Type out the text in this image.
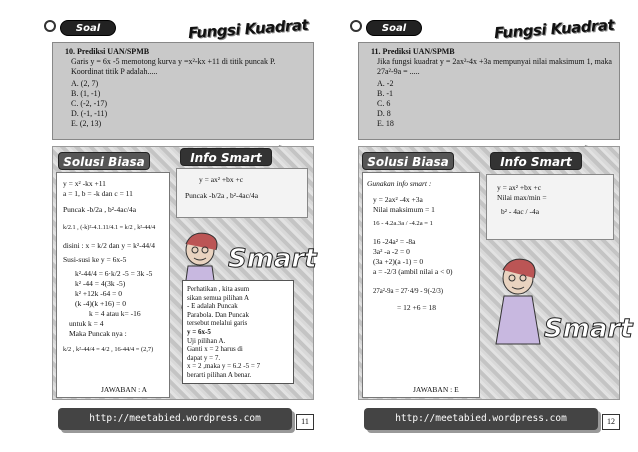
Soal	Fungsi Kuadrat
10. Prediksi UAN/SPMB
Garis y = 6x -5 memotong kurva y =x²-kx +11 di titik puncak P. Koordinat titik P adalah.....
A. (2, 7)
B. (1, -1)
C. (-2, -17)
D. (-1, -11)
E. (2, 13)
Solusi Biasa	Info Smart
y = x² -kx +11
a = 1, b = -k dan c = 11
Puncak -b/2a , b²-4ac/4a
k/2.1 , (-k)²-4.1.11/4.1 = k/2 , k²-44/4
disini : x = k/2 dan y = k²-44/4
Susi-susi ke y = 6x-5
k²-44/4 = 6·k/2 -5 = 3k -5
k² -44 = 4(3k -5)
k² +12k -64 = 0
(k -4)(k +16) = 0
k = 4 atau k= -16
untuk k = 4
Maka Puncak nya :
k/2 , k²-44/4 = 4/2 , 16-44/4 = (2,7)
JAWABAN : A
y = ax² +bx +c
Puncak -b/2a , b²-4ac/4a
Smart
Perhatikan , kita asum
sikan semua pilihan A
- E adalah Puncak
Parabola. Dan Puncak
tersebut melalui garis
y = 6x-5
Uji pilihan A.
Ganti x = 2 harus di
dapat y = 7.
x = 2 ,maka y = 6.2 -5 = 7
berarti pilihan A benar.
http://meetabied.wordpress.com	11
Soal	Fungsi Kuadrat
11. Prediksi UAN/SPMB
Jika fungsi kuadrat y = 2ax²-4x +3a mempunyai nilai maksimum 1, maka 27a²-9a = .....
A. -2
B. -1
C. 6
D. 8
E. 18
Solusi Biasa	Info Smart
Gunakan info smart :
y = 2ax² -4x +3a
Nilai maksimum = 1
16 - 4.2a.3a / -4.2a = 1
16 -24a² = -8a
3a² -a -2 = 0
(3a +2)(a -1) = 0
a = -2/3 (ambil nilai a < 0)
27a²-9a = 27·4/9 - 9(-2/3)
= 12 +6 = 18
JAWABAN : E
y = ax² +bx +c
Nilai max/min =
b² - 4ac / -4a
Smart
http://meetabied.wordpress.com	12
